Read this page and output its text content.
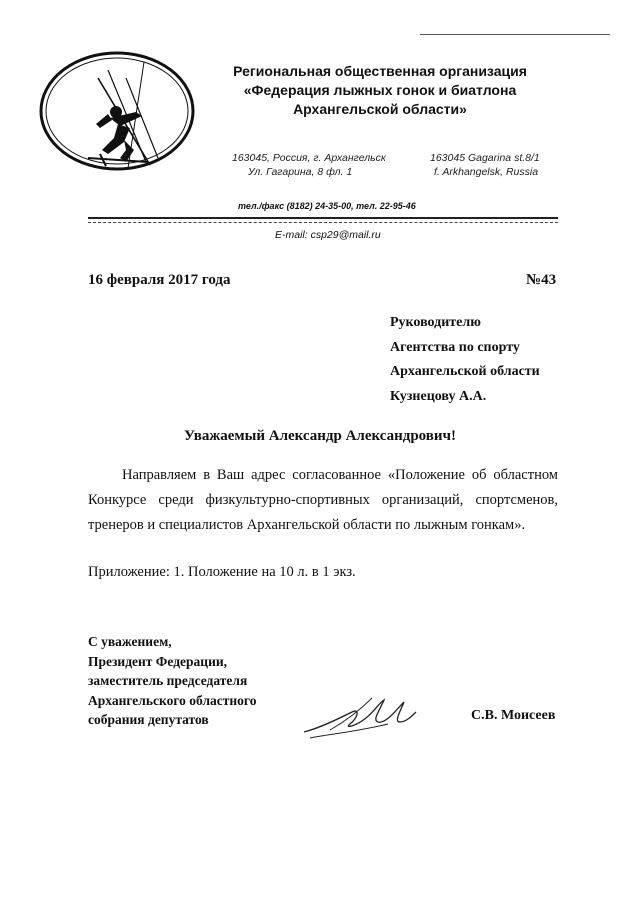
Региональная общественная организация
«Федерация лыжных гонок и биатлона
Архангельской области»
163045, Россия, г. Архангельск
Ул. Гагарина, 8 фл. 1
163045 Gagarina st.8/1
f. Arkhangelsk, Russia
тел./факс (8182) 24-35-00, тел. 22-95-46
E-mail: csp29@mail.ru
16 февраля 2017 года	№43
Руководителю
Агентства по спорту
Архангельской области
Кузнецову А.А.
Уважаемый Александр Александрович!
Направляем в Ваш адрес согласованное «Положение об областном Конкурсе среди физкультурно-спортивных организаций, спортсменов, тренеров и специалистов Архангельской области по лыжным гонкам».
Приложение: 1. Положение на 10 л. в 1 экз.
С уважением,
Президент Федерации,
заместитель председателя
Архангельского областного
собрания депутатов	С.В. Моисеев
